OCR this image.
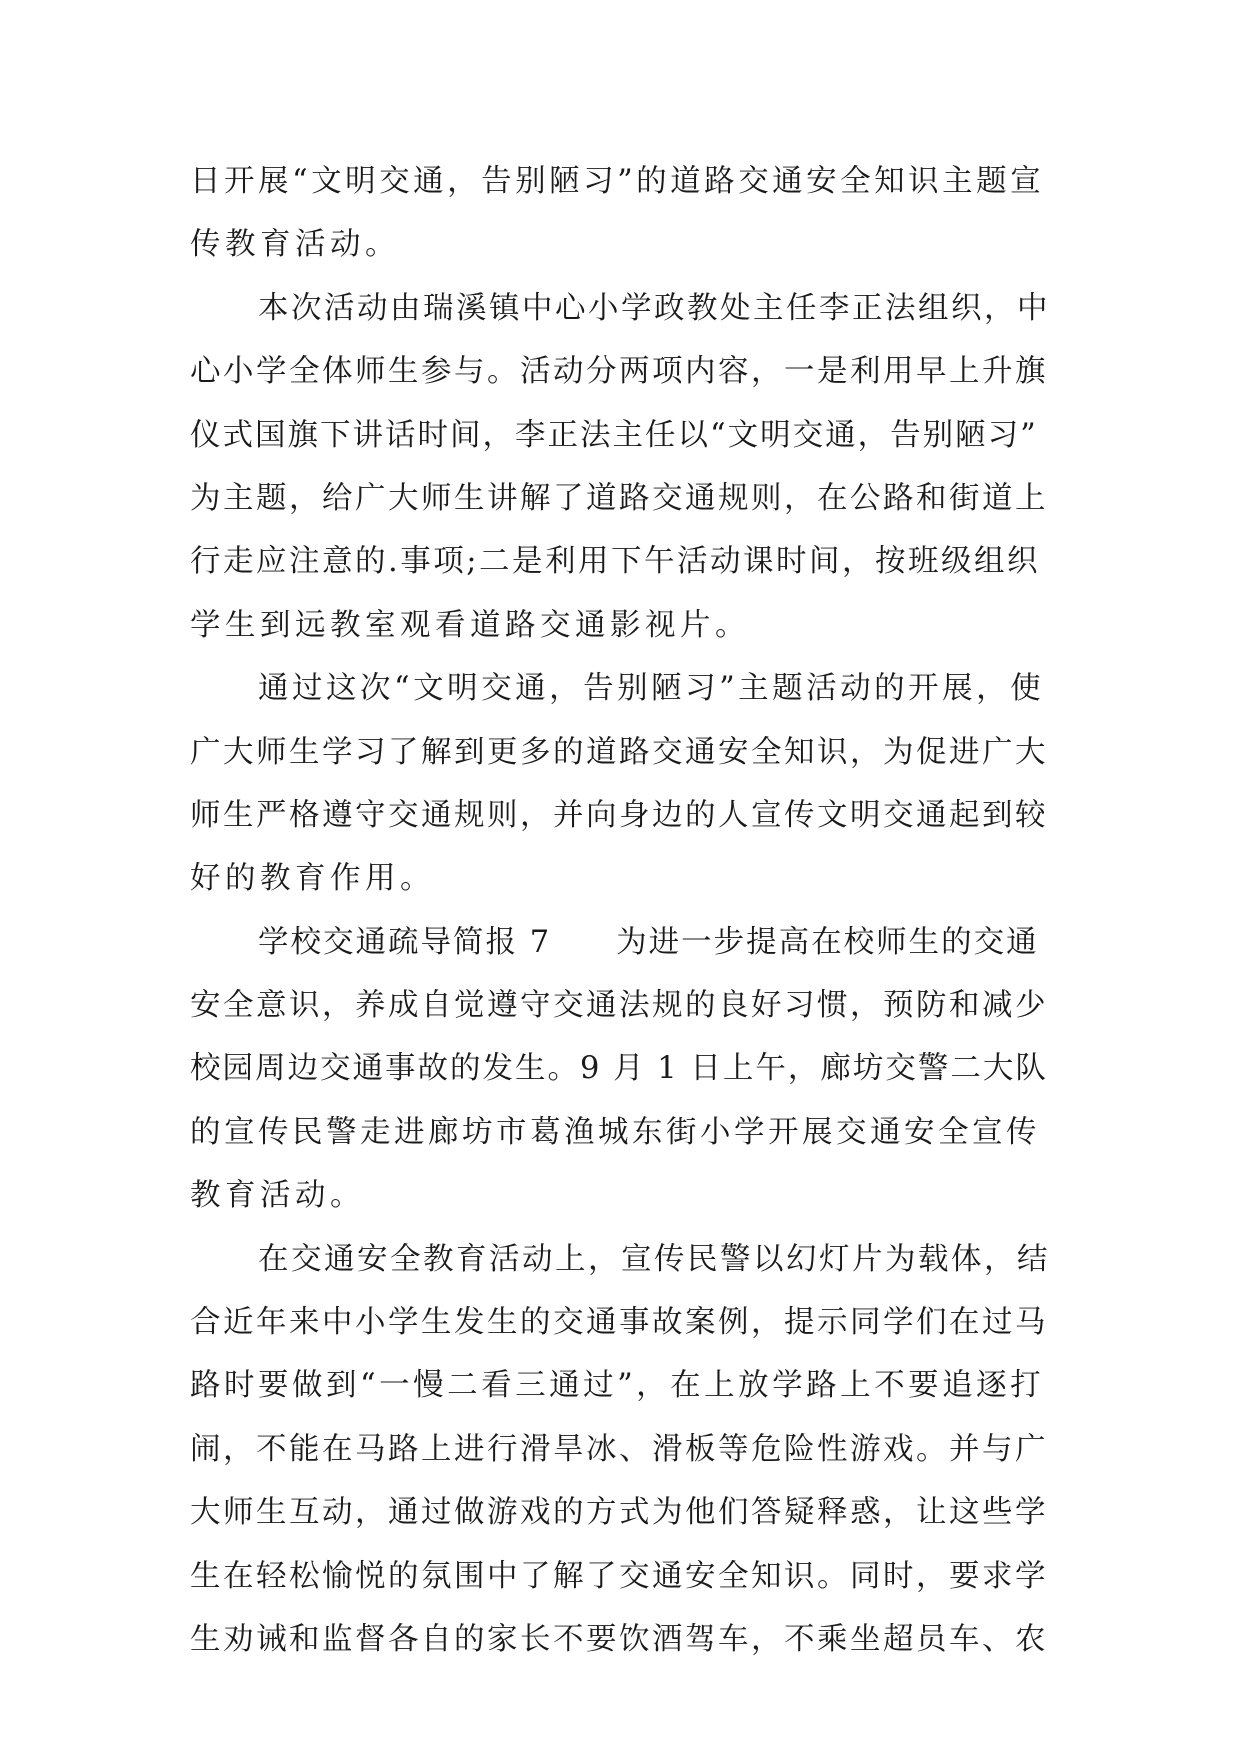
日开展“文明交通，告别陋习”的道路交通安全知识主题宣
传教育活动。
本次活动由瑞溪镇中心小学政教处主任李正法组织，中
心小学全体师生参与。活动分两项内容，一是利用早上升旗
仪式国旗下讲话时间，李正法主任以“文明交通，告别陋习”
为主题，给广大师生讲解了道路交通规则，在公路和街道上
行走应注意的.事项;二是利用下午活动课时间，按班级组织
学生到远教室观看道路交通影视片。
通过这次“文明交通，告别陋习”主题活动的开展，使
广大师生学习了解到更多的道路交通安全知识，为促进广大
师生严格遵守交通规则，并向身边的人宣传文明交通起到较
好的教育作用。
学校交通疏导简报 7　　为进一步提高在校师生的交通
安全意识，养成自觉遵守交通法规的良好习惯，预防和减少
校园周边交通事故的发生。9 月 1 日上午，廊坊交警二大队
的宣传民警走进廊坊市葛渔城东街小学开展交通安全宣传
教育活动。
在交通安全教育活动上，宣传民警以幻灯片为载体，结
合近年来中小学生发生的交通事故案例，提示同学们在过马
路时要做到“一慢二看三通过”，在上放学路上不要追逐打
闹，不能在马路上进行滑旱冰、滑板等危险性游戏。并与广
大师生互动，通过做游戏的方式为他们答疑释惑，让这些学
生在轻松愉悦的氛围中了解了交通安全知识。同时，要求学
生劝诫和监督各自的家长不要饮酒驾车，不乘坐超员车、农
